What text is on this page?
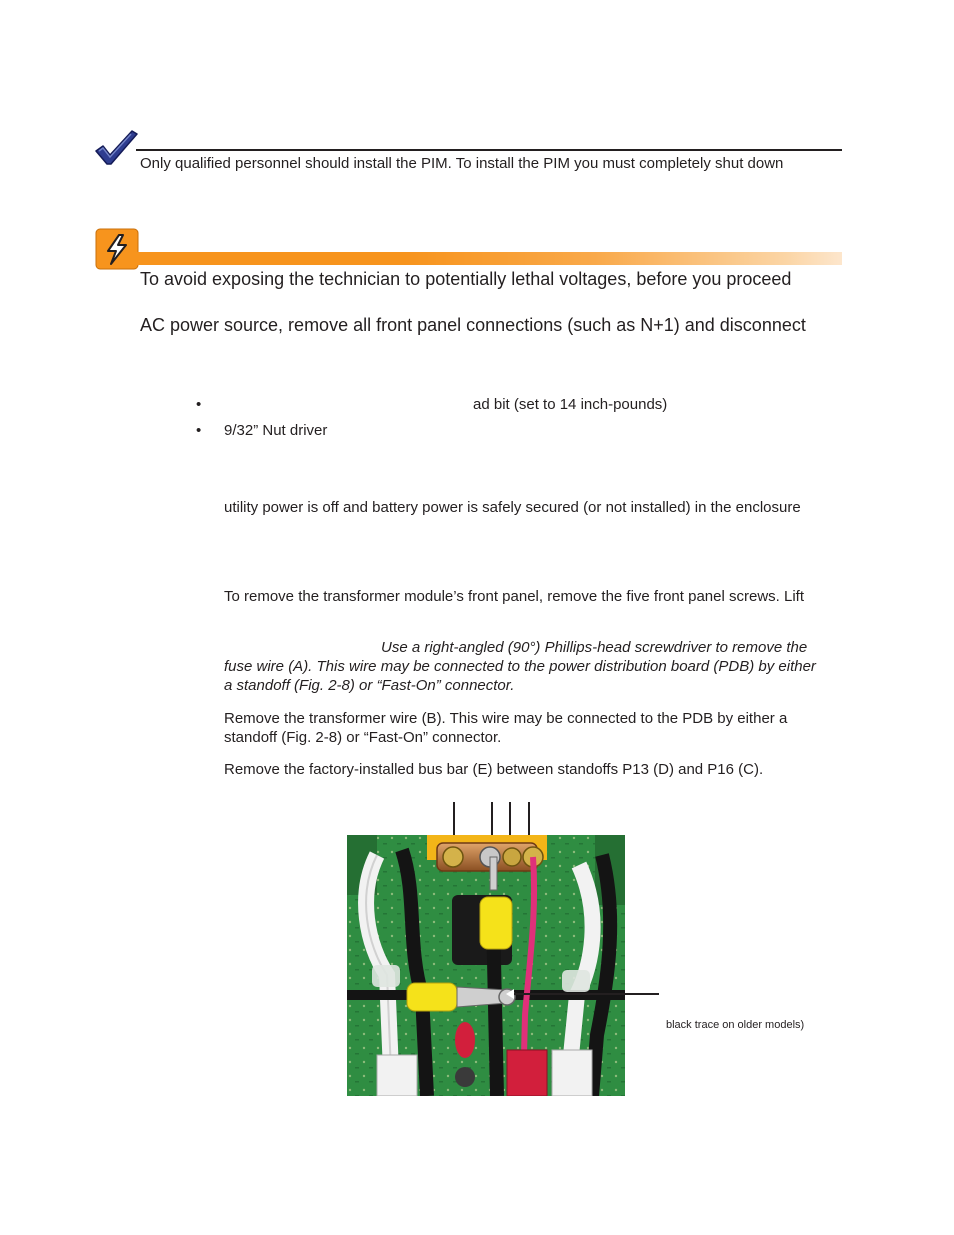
Only qualified personnel should install the PIM. To install the PIM you must completely shut down
To avoid exposing the technician to potentially lethal voltages, before you proceed
AC power source, remove all front panel connections (such as N+1) and disconnect
•	ad bit (set to 14 inch-pounds)
• 9/32” Nut driver
utility power is off and battery power is safely secured (or not installed) in the enclosure
To remove the transformer module’s front panel, remove the five front panel screws. Lift
Use a right-angled (90°) Phillips-head screwdriver to remove the
fuse wire (A). This wire may be connected to the power distribution board (PDB) by either
a standoff (Fig. 2-8) or “Fast-On” connector.
Remove the transformer wire (B). This wire may be connected to the PDB by either a
standoff (Fig. 2-8) or “Fast-On” connector.
Remove the factory-installed bus bar (E) between standoffs P13 (D) and P16 (C).
black trace on older models)
